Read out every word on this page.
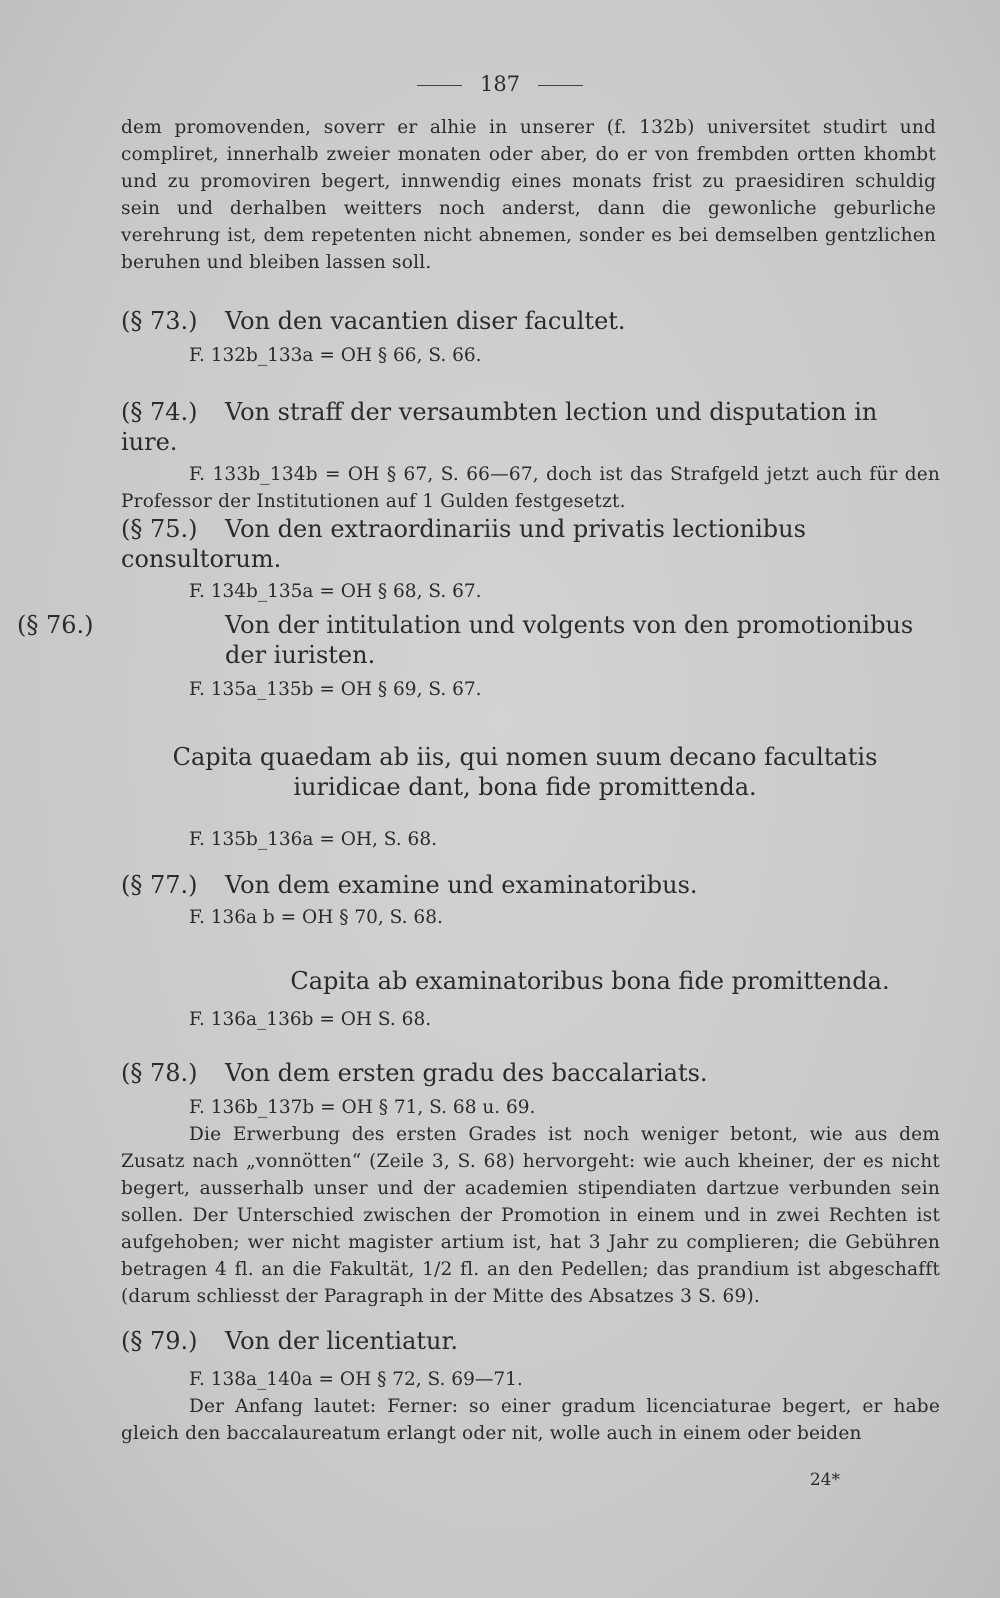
187

dem promovenden, soverr er alhie in unserer (f. 132b) universitet studirt und compliret, innerhalb zweier monaten oder aber, do er von frembden ortten khombt und zu promoviren begert, innwendig eines monats frist zu praesidiren schuldig sein und derhalben weitters noch anderst, dann die gewonliche geburliche verehrung ist, dem repetenten nicht abnemen, sonder es bei demselben gentzlichen beruhen und bleiben lassen soll.

(§ 73.) Von den vacantien diser facultet.

F. 132b_133a = OH § 66, S. 66.

(§ 74.) Von straff der versaumbten lection und disputation in iure.

F. 133b_134b = OH § 67, S. 66—67, doch ist das Strafgeld jetzt auch für den Professor der Institutionen auf 1 Gulden festgesetzt.

(§ 75.) Von den extraordinariis und privatis lectionibus consultorum.

F. 134b_135a = OH § 68, S. 67.

(§ 76.)	Von der intitulation und volgents von den promotionibus der iuristen.

F. 135a_135b = OH § 69, S. 67.

Capita quaedam ab iis, qui nomen suum decano facultatis iuridicae dant, bona fide promittenda.

F. 135b_136a = OH, S. 68.

(§ 77.) Von dem examine und examinatoribus.

F. 136a b = OH § 70, S. 68.

Capita ab examinatoribus bona fide promittenda.

F. 136a_136b = OH S. 68.

(§ 78.) Von dem ersten gradu des baccalariats.

F. 136b_137b = OH § 71, S. 68 u. 69.

Die Erwerbung des ersten Grades ist noch weniger betont, wie aus dem Zusatz nach „vonnötten“ (Zeile 3, S. 68) hervorgeht: wie auch kheiner, der es nicht begert, ausserhalb unser und der academien stipendiaten dartzue verbunden sein sollen. Der Unterschied zwischen der Promotion in einem und in zwei Rechten ist aufgehoben; wer nicht magister artium ist, hat 3 Jahr zu complieren; die Gebühren betragen 4 fl. an die Fakultät, 1/2 fl. an den Pedellen; das prandium ist abgeschafft (darum schliesst der Paragraph in der Mitte des Absatzes 3 S. 69).

(§ 79.) Von der licentiatur.

F. 138a_140a = OH § 72, S. 69—71.

Der Anfang lautet: Ferner: so einer gradum licenciaturae begert, er habe gleich den baccalaureatum erlangt oder nit, wolle auch in einem oder beiden

24*
